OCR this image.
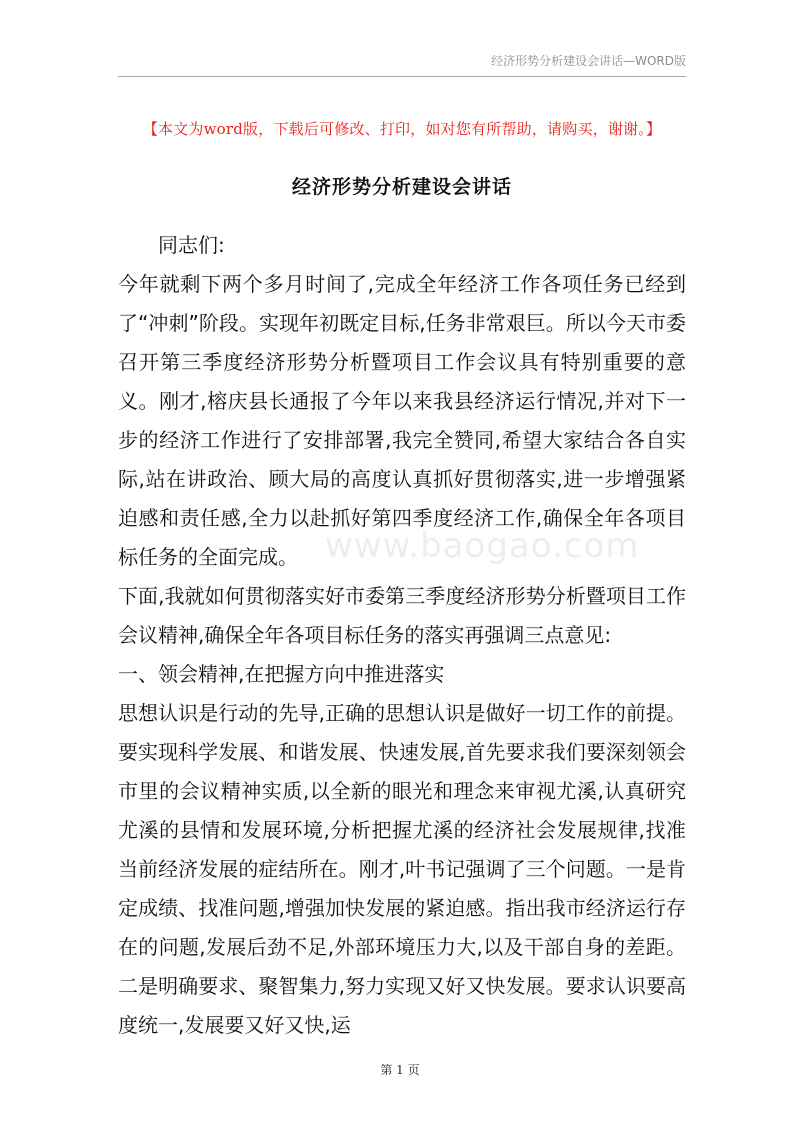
经济形势分析建设会讲话—WORD版
【本文为word版，下载后可修改、打印，如对您有所帮助，请购买，谢谢。】
经济形势分析建设会讲话

同志们:

今年就剩下两个多月时间了,完成全年经济工作各项任务已经到了“冲刺”阶段。实现年初既定目标,任务非常艰巨。所以今天市委召开第三季度经济形势分析暨项目工作会议具有特别重要的意义。刚才,榕庆县长通报了今年以来我县经济运行情况,并对下一步的经济工作进行了安排部署,我完全赞同,希望大家结合各自实际,站在讲政治、顾大局的高度认真抓好贯彻落实,进一步增强紧迫感和责任感,全力以赴抓好第四季度经济工作,确保全年各项目标任务的全面完成。

下面,我就如何贯彻落实好市委第三季度经济形势分析暨项目工作会议精神,确保全年各项目标任务的落实再强调三点意见:

一、领会精神,在把握方向中推进落实

思想认识是行动的先导,正确的思想认识是做好一切工作的前提。要实现科学发展、和谐发展、快速发展,首先要求我们要深刻领会市里的会议精神实质,以全新的眼光和理念来审视尤溪,认真研究尤溪的县情和发展环境,分析把握尤溪的经济社会发展规律,找准当前经济发展的症结所在。刚才,叶书记强调了三个问题。一是肯定成绩、找准问题,增强加快发展的紧迫感。指出我市经济运行存在的问题,发展后劲不足,外部环境压力大,以及干部自身的差距。二是明确要求、聚智集力,努力实现又好又快发展。要求认识要高度统一,发展要又好又快,运

www.baogao.com
第 1 页
